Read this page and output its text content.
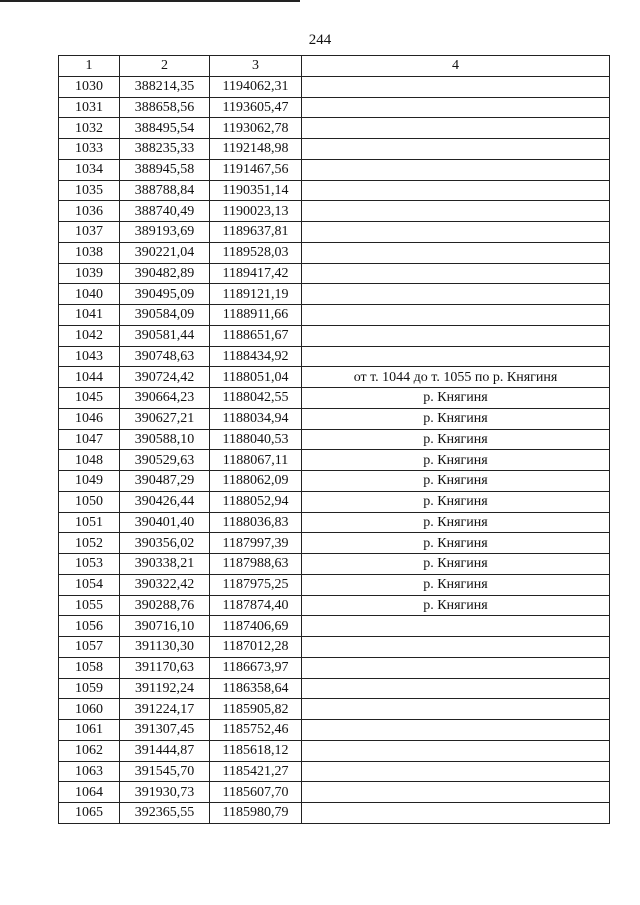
244
1	2	3	4
1030	388214,35	1194062,31	
1031	388658,56	1193605,47	
1032	388495,54	1193062,78	
1033	388235,33	1192148,98	
1034	388945,58	1191467,56	
1035	388788,84	1190351,14	
1036	388740,49	1190023,13	
1037	389193,69	1189637,81	
1038	390221,04	1189528,03	
1039	390482,89	1189417,42	
1040	390495,09	1189121,19	
1041	390584,09	1188911,66	
1042	390581,44	1188651,67	
1043	390748,63	1188434,92	
1044	390724,42	1188051,04	от т. 1044 до т. 1055 по р. Княгиня
1045	390664,23	1188042,55	р. Княгиня
1046	390627,21	1188034,94	р. Княгиня
1047	390588,10	1188040,53	р. Княгиня
1048	390529,63	1188067,11	р. Княгиня
1049	390487,29	1188062,09	р. Княгиня
1050	390426,44	1188052,94	р. Княгиня
1051	390401,40	1188036,83	р. Княгиня
1052	390356,02	1187997,39	р. Княгиня
1053	390338,21	1187988,63	р. Княгиня
1054	390322,42	1187975,25	р. Княгиня
1055	390288,76	1187874,40	р. Княгиня
1056	390716,10	1187406,69	
1057	391130,30	1187012,28	
1058	391170,63	1186673,97	
1059	391192,24	1186358,64	
1060	391224,17	1185905,82	
1061	391307,45	1185752,46	
1062	391444,87	1185618,12	
1063	391545,70	1185421,27	
1064	391930,73	1185607,70	
1065	392365,55	1185980,79	
